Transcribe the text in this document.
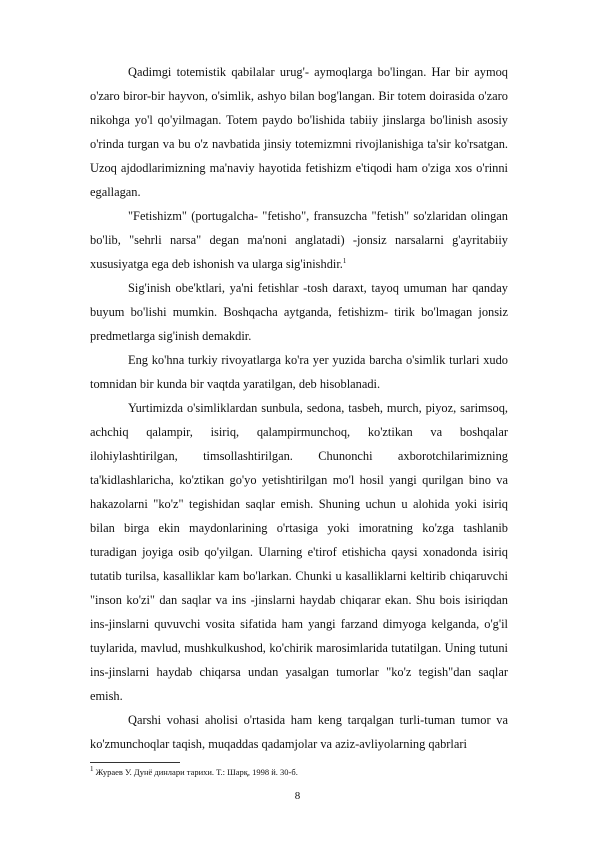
Qadimgi totemistik qabilalar urug'- aymoqlarga bo'lingan. Har bir aymoq o'zaro biror-bir hayvon, o'simlik, ashyo bilan bog'langan. Bir totem doirasida o'zaro nikohga yo'l qo'yilmagan. Totem paydo bo'lishida tabiiy jinslarga bo'linish asosiy o'rinda turgan va bu o'z navbatida jinsiy totemizmni rivojlanishiga ta'sir ko'rsatgan. Uzoq ajdodlarimizning ma'naviy hayotida fetishizm e'tiqodi ham o'ziga xos o'rinni egallagan.

"Fetishizm" (portugalcha- "fetisho", fransuzcha "fetish" so'zlaridan olingan bo'lib, "sehrli narsa" degan ma'noni anglatadi) -jonsiz narsalarni g'ayritabiiy xususiyatga ega deb ishonish va ularga sig'inishdir.$^1$

Sig'inish obe'ktlari, ya'ni fetishlar -tosh daraxt, tayoq umuman har qanday buyum bo'lishi mumkin. Boshqacha aytganda, fetishizm- tirik bo'lmagan jonsiz predmetlarga sig'inish demakdir.

Eng ko'hna turkiy rivoyatlarga ko'ra yer yuzida barcha o'simlik turlari xudo tomnidan bir kunda bir vaqtda yaratilgan, deb hisoblanadi.

Yurtimizda o'simliklardan sunbula, sedona, tasbeh, murch, piyoz, sarimsoq, achchiq qalampir, isiriq, qalampirmunchoq, ko'ztikan va boshqalar ilohiylashtirilgan, timsollashtirilgan. Chunonchi axborotchilarimizning ta'kidlashlaricha, ko'ztikan go'yo yetishtirilgan mo'l hosil yangi qurilgan bino va hakazolarni "ko'z" tegishidan saqlar emish. Shuning uchun u alohida yoki isiriq bilan birga ekin maydonlarining o'rtasiga yoki imoratning ko'zga tashlanib turadigan joyiga osib qo'yilgan. Ularning e'tirof etishicha qaysi xonadonda isiriq tutatib turilsa, kasalliklar kam bo'larkan. Chunki u kasalliklarni keltirib chiqaruvchi "inson ko'zi" dan saqlar va ins -jinslarni haydab chiqarar ekan. Shu bois isiriqdan ins-jinslarni quvuvchi vosita sifatida ham yangi farzand dimyoga kelganda, o'g'il tuylarida, mavlud, mushkulkushod, ko'chirik marosimlarida tutatilgan. Uning tutuni ins-jinslarni haydab chiqarsa undan yasalgan tumorlar "ko'z tegish"dan saqlar emish.

Qarshi vohasi aholisi o'rtasida ham keng tarqalgan turli-tuman tumor va ko'zmunchoqlar taqish, muqaddas qadamjolar va aziz-avliyolarning qabrlari

$^1$ Жураев У. Дунё динлари тарихи. Т.: Шарқ, 1998 й. 30-б.
8
